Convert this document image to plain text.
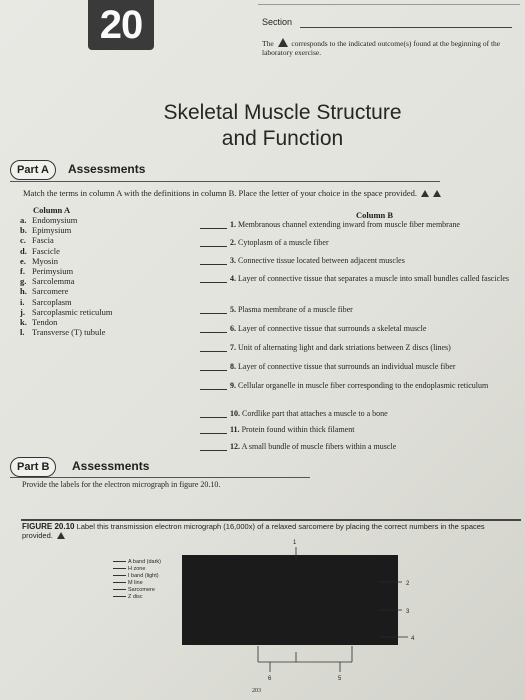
20	Section
The corresponds to the indicated outcome(s) found at the beginning of the laboratory exercise.
Skeletal Muscle Structure
and Function
Part A	Assessments
Match the terms in column A with the definitions in column B. Place the letter of your choice in the space provided.
Column A	Column B
a. Endomysium
b. Epimysium
c. Fascia
d. Fascicle
e. Myosin
f. Perimysium
g. Sarcolemma
h. Sarcomere
i. Sarcoplasm
j. Sarcoplasmic reticulum
k. Tendon
l. Transverse (T) tubule
1. Membranous channel extending inward from muscle fiber membrane
2. Cytoplasm of a muscle fiber
3. Connective tissue located between adjacent muscles
4. Layer of connective tissue that separates a muscle into small bundles called fascicles
5. Plasma membrane of a muscle fiber
6. Layer of connective tissue that surrounds a skeletal muscle
7. Unit of alternating light and dark striations between Z discs (lines)
8. Layer of connective tissue that surrounds an individual muscle fiber
9. Cellular organelle in muscle fiber corresponding to the endoplasmic reticulum
10. Cordlike part that attaches a muscle to a bone
11. Protein found within thick filament
12. A small bundle of muscle fibers within a muscle
Part B	Assessments
Provide the labels for the electron micrograph in figure 20.10.
FIGURE 20.10 Label this transmission electron micrograph (16,000x) of a relaxed sarcomere by placing the correct numbers in the spaces provided.
A band (dark)
H zone
I band (light)
M line
Sarcomere
Z disc
1
2
3
4
5
6
203
